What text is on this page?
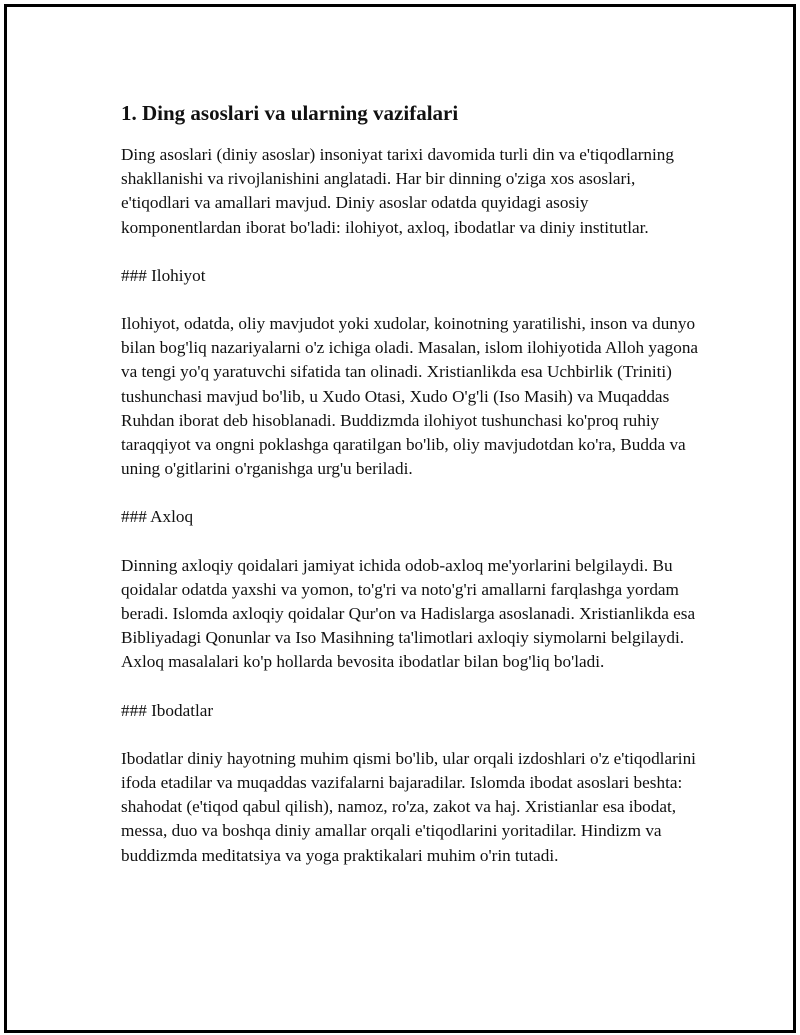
1. Ding asoslari va ularning vazifalari

Ding asoslari (diniy asoslar) insoniyat tarixi davomida turli din va e'tiqodlarning shakllanishi va rivojlanishini anglatadi. Har bir dinning o'ziga xos asoslari, e'tiqodlari va amallari mavjud. Diniy asoslar odatda quyidagi asosiy komponentlardan iborat bo'ladi: ilohiyot, axloq, ibodatlar va diniy institutlar.

### Ilohiyot

Ilohiyot, odatda, oliy mavjudot yoki xudolar, koinotning yaratilishi, inson va dunyo bilan bog'liq nazariyalarni o'z ichiga oladi. Masalan, islom ilohiyotida Alloh yagona va tengi yo'q yaratuvchi sifatida tan olinadi. Xristianlikda esa Uchbirlik (Triniti) tushunchasi mavjud bo'lib, u Xudo Otasi, Xudo O'g'li (Iso Masih) va Muqaddas Ruhdan iborat deb hisoblanadi. Buddizmda ilohiyot tushunchasi ko'proq ruhiy taraqqiyot va ongni poklashga qaratilgan bo'lib, oliy mavjudotdan ko'ra, Budda va uning o'gitlarini o'rganishga urg'u beriladi.

### Axloq

Dinning axloqiy qoidalari jamiyat ichida odob-axloq me'yorlarini belgilaydi. Bu qoidalar odatda yaxshi va yomon, to'g'ri va noto'g'ri amallarni farqlashga yordam beradi. Islomda axloqiy qoidalar Qur'on va Hadislarga asoslanadi. Xristianlikda esa Bibliyadagi Qonunlar va Iso Masihning ta'limotlari axloqiy siymolarni belgilaydi. Axloq masalalari ko'p hollarda bevosita ibodatlar bilan bog'liq bo'ladi.

### Ibodatlar

Ibodatlar diniy hayotning muhim qismi bo'lib, ular orqali izdoshlari o'z e'tiqodlarini ifoda etadilar va muqaddas vazifalarni bajaradilar. Islomda ibodat asoslari beshta: shahodat (e'tiqod qabul qilish), namoz, ro'za, zakot va haj. Xristianlar esa ibodat, messa, duo va boshqa diniy amallar orqali e'tiqodlarini yoritadilar. Hindizm va buddizmda meditatsiya va yoga praktikalari muhim o'rin tutadi.
